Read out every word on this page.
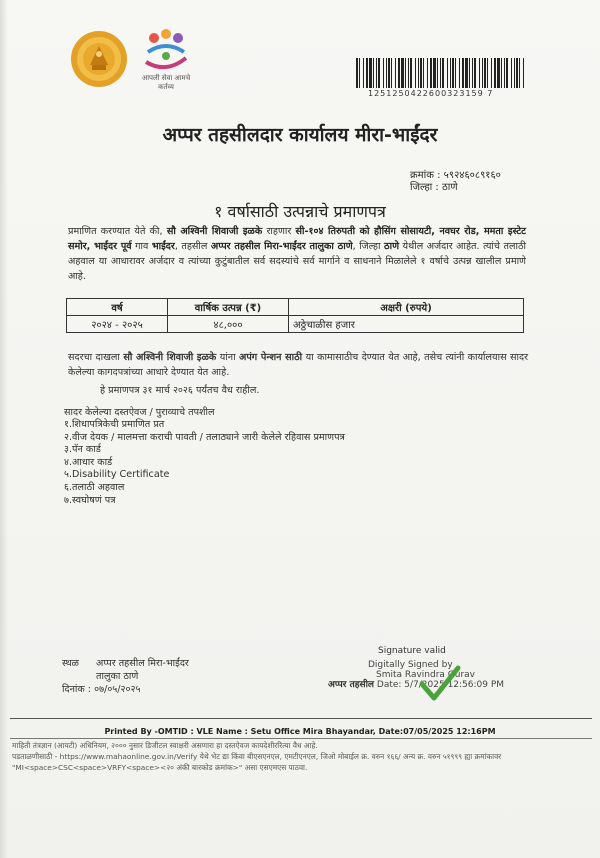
आपली सेवा आमचे कर्तव्य
1251250422600323159 7
अप्पर तहसीलदार कार्यालय मीरा-भाईंदर
क्रमांक : ५९२४६०८९१६०
जिल्हा : ठाणे
१ वर्षासाठी उत्पन्नाचे प्रमाणपत्र
प्रमाणित करण्यात येते की, सौ अश्विनी शिवाजी इळके राहणार सी-१०४ तिरुपती को हौसिंग सोसायटी, नवघर रोड, ममता इस्टेट समोर, भाईंदर पूर्व गाव भाईंदर, तहसील अप्पर तहसील मिरा-भाईंदर तालुका ठाणे, जिल्हा ठाणे येथील अर्जदार आहेत. त्यांचे तलाठी अहवाल या आधारावर अर्जदार व त्यांच्या कुटुंबातील सर्व सदस्यांचे सर्व मार्गाने व साधनाने मिळालेले १ वर्षाचे उत्पन्न खालील प्रमाणे आहे.
वर्ष	वार्षिक उत्पन्न (₹)	अक्षरी (रुपये)
२०२४ - २०२५	४८,०००	अठ्ठेचाळीस हजार
सदरचा दाखला सौ अश्विनी शिवाजी इळके यांना अपंग पेन्शन साठी या कामासाठीच देण्यात येत आहे, तसेच त्यांनी कार्यालयास सादर केलेल्या कागदपत्रांच्या आधारे देण्यात येत आहे.
हे प्रमाणपत्र ३१ मार्च २०२६ पर्यंतच वैध राहील.
सादर केलेल्या दस्तऐवज / पुराव्याचे तपशील
१.शिधापत्रिकेची प्रमाणित प्रत
२.वीज देयक / मालमत्ता कराची पावती / तलाठ्याने जारी केलेले रहिवास प्रमाणपत्र
३.पॅन कार्ड
४.आधार कार्ड
५.Disability Certificate
६.तलाठी अहवाल
७.स्वघोषणं पत्र
स्थळ अप्पर तहसील मिरा-भाईंदर
तालुका ठाणे
दिनांक : ०७/०५/२०२५
Signature valid
Digitally Signed by
Smita Ravindra Gurav
अप्पर तहसील Date: 5/7/2025 12:56:09 PM
Printed By -OMTID : VLE Name : Setu Office Mira Bhayandar, Date:07/05/2025 12:16PM
माहिती तंत्रज्ञान (आयटी) अधिनियम, २००० नुसार डिजीटल स्वाक्षरी असणारा हा दस्तऐवज कायदेशीररित्या वैध आहे.
पडताळणीसाठी - https://www.mahaonline.gov.in/Verify येथे भेट द्या किंवा बीएसएनएल, एमटीएनएल, जिओ मोबाईल क्र. वरुन १६६/ अन्य क्र. वरुन ५१९९९ ह्या क्रमांकावर
"MI<space>CSC<space>VRFY<space><२० अंकी बारकोड क्रमांक>" असा एसएमएस पाठवा.
